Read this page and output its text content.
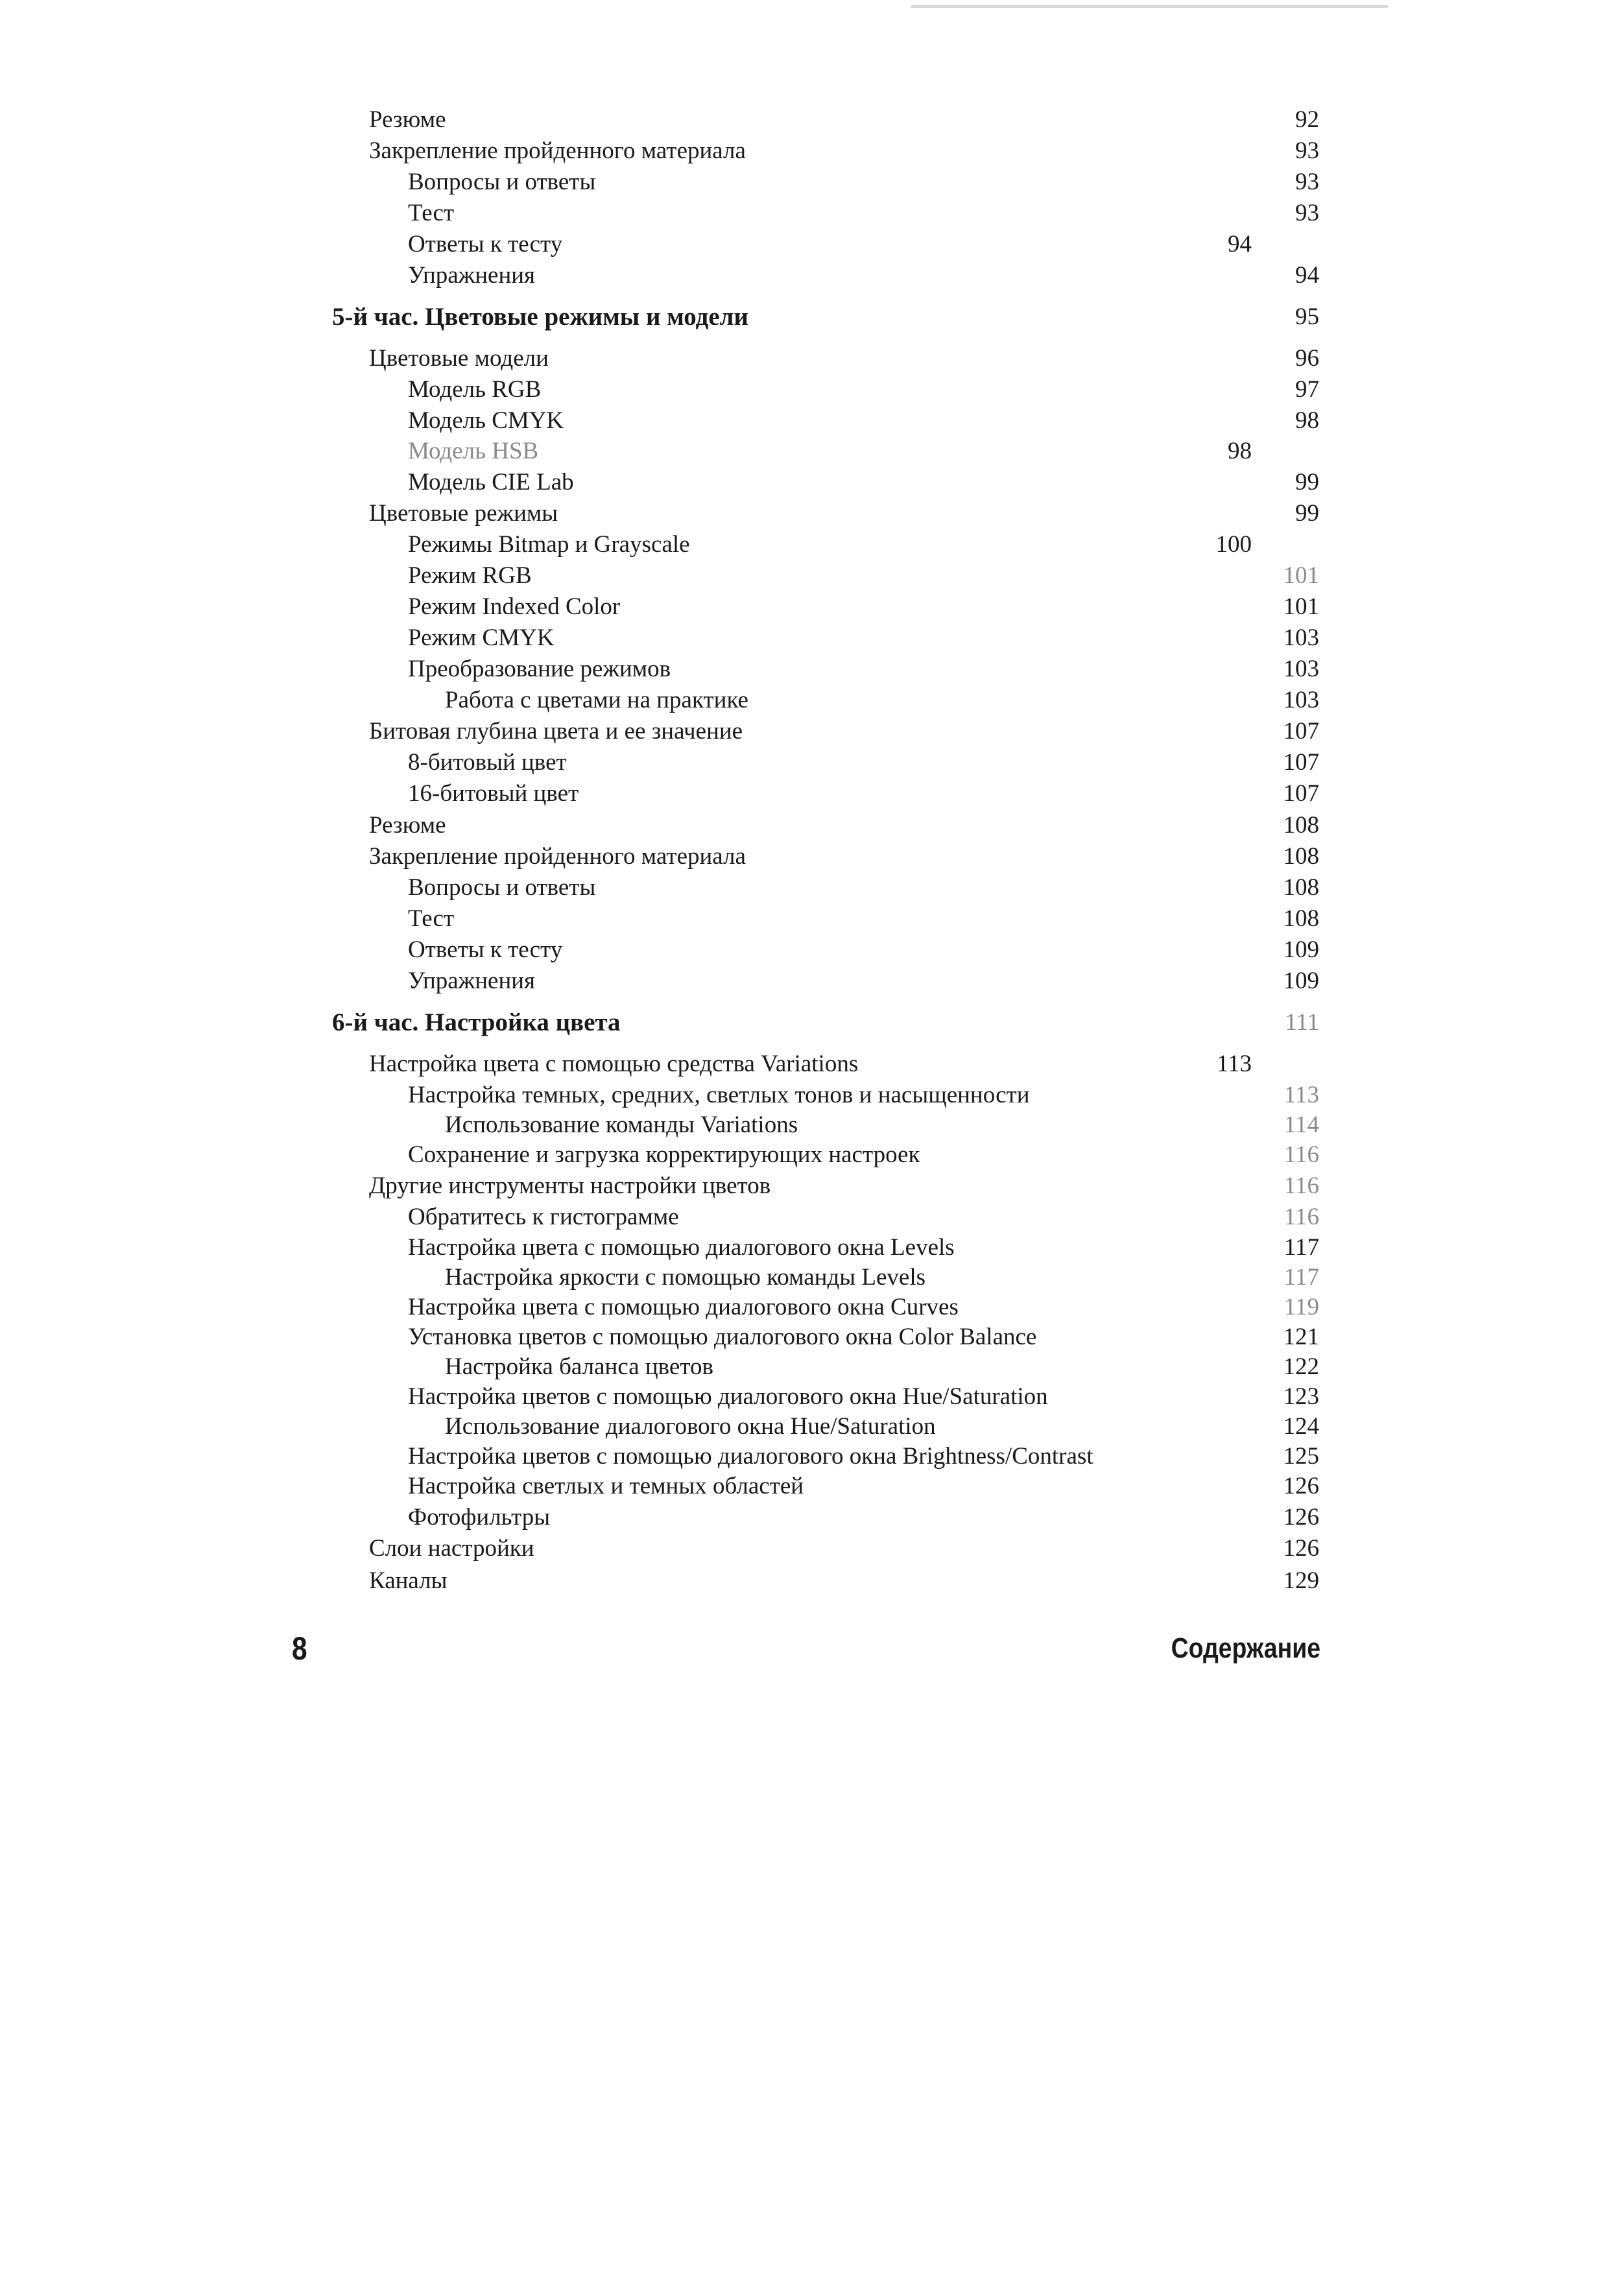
Резюме	92
Закрепление пройденного материала	93
Вопросы и ответы	93
Тест	93
Ответы к тесту	94
Упражнения	94
5-й час. Цветовые режимы и модели	95
Цветовые модели	96
Модель RGB	97
Модель CMYK	98
Модель HSB	98
Модель CIE Lab	99
Цветовые режимы	99
Режимы Bitmap и Grayscale	100
Режим RGB	101
Режим Indexed Color	101
Режим CMYK	103
Преобразование режимов	103
Работа с цветами на практике	103
Битовая глубина цвета и ее значение	107
8-битовый цвет	107
16-битовый цвет	107
Резюме	108
Закрепление пройденного материала	108
Вопросы и ответы	108
Тест	108
Ответы к тесту	109
Упражнения	109
6-й час. Настройка цвета	111
Настройка цвета с помощью средства Variations	113
Настройка темных, средних, светлых тонов и насыщенности	113
Использование команды Variations	114
Сохранение и загрузка корректирующих настроек	116
Другие инструменты настройки цветов	116
Обратитесь к гистограмме	116
Настройка цвета с помощью диалогового окна Levels	117
Настройка яркости с помощью команды Levels	117
Настройка цвета с помощью диалогового окна Curves	119
Установка цветов с помощью диалогового окна Color Balance	121
Настройка баланса цветов	122
Настройка цветов с помощью диалогового окна Hue/Saturation	123
Использование диалогового окна Hue/Saturation	124
Настройка цветов с помощью диалогового окна Brightness/Contrast	125
Настройка светлых и темных областей	126
Фотофильтры	126
Слои настройки	126
Каналы	129
8	Содержание
